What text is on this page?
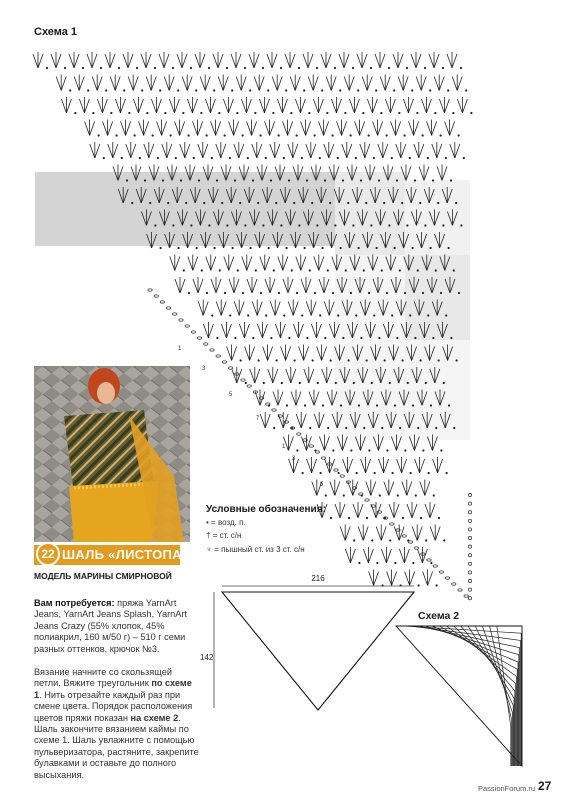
Схема 1
1
3
5
7
1
3
5
22 ШАЛЬ «ЛИСТОПАД»
МОДЕЛЬ МАРИНЫ СМИРНОВОЙ
Вам потребуется: пряжа YarnArt Jeans, YarnArt Jeans Splash, YarnArt Jeans Crazy (55% хлопок, 45% полиакрил, 160 м/50 г) – 510 г семи разных оттенков, крючок №3.
Вязание начните со скользящей петли. Вяжите треугольник по схеме 1. Нить отрезайте каждый раз при смене цвета. Порядок расположения цветов пряжи показан на схеме 2. Шаль закончите вязанием каймы по схеме 1. Шаль увлажните с помощью пульверизатора, растяните, закрепите булавками и оставьте до полного высыхания.
Условные обозначения:
• = возд. п.
† = ст. с/н
♆ = пышный ст. из 3 ст. с/н
216
142
Схема 2
27
PassionForum.ru
